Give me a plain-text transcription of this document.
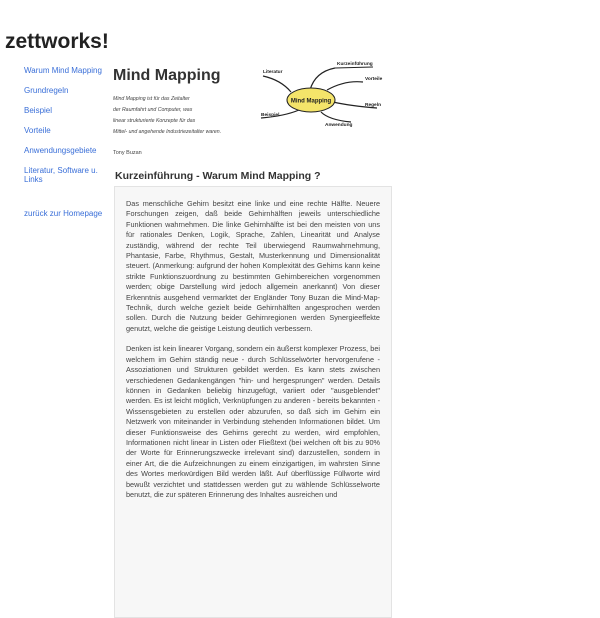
zettworks!
Warum Mind Mapping
Grundregeln
Beispiel
Vorteile
Anwendungsgebiete
Literatur, Software u. Links
zurück zur Homepage
Mind Mapping
Mind Mapping ist für das Zeitalter
der Raumfahrt und Computer, was
linear strukturierte Konzepte für das
Mittel- und angehende Industriezeitalter waren.
Tony Buzan
Mind Mapping
Kurzeinführung
Vorteile
Regeln
Anwendung
Beispiel
Literatur
Kurzeinführung - Warum Mind Mapping ?

Das menschliche Gehirn besitzt eine linke und eine rechte Hälfte. Neuere Forschungen zeigen, daß beide Gehirnhälften jeweils unterschiedliche Funktionen wahrnehmen. Die linke Gehirnhälfte ist bei den meisten von uns für rationales Denken, Logik, Sprache, Zahlen, Linearität und Analyse zuständig, während der rechte Teil überwiegend Raumwahrnehmung, Phantasie, Farbe, Rhythmus, Gestalt, Musterkennung und Dimensionalität steuert. (Anmerkung: aufgrund der hohen Komplexität des Gehirns kann keine strikte Funktionszuordnung zu bestimmten Gehirnbereichen vorgenommen werden; obige Darstellung wird jedoch allgemein anerkannt) Von dieser Erkenntnis ausgehend vermarktet der Engländer Tony Buzan die Mind-Map-Technik, durch welche gezielt beide Gehirnhälften angesprochen werden sollen. Durch die Nutzung beider Gehirnregionen werden Synergieeffekte genutzt, welche die geistige Leistung deutlich verbessern.

Denken ist kein linearer Vorgang, sondern ein äußerst komplexer Prozess, bei welchem im Gehirn ständig neue - durch Schlüsselwörter hervorgerufene - Assoziationen und Strukturen gebildet werden. Es kann stets zwischen verschiedenen Gedankengängen "hin- und hergesprungen" werden. Details können in Gedanken beliebig hinzugefügt, variiert oder "ausgeblendet" werden. Es ist leicht möglich, Verknüpfungen zu anderen - bereits bekannten - Wissensgebieten zu erstellen oder abzurufen, so daß sich im Gehirn ein Netzwerk von miteinander in Verbindung stehenden Informationen bildet. Um dieser Funktionsweise des Gehirns gerecht zu werden, wird empfohlen, Informationen nicht linear in Listen oder Fließtext (bei welchen oft bis zu 90% der Worte für Erinnerungszwecke irrelevant sind) darzustellen, sondern in einer Art, die die Aufzeichnungen zu einem einzigartigen, im wahrsten Sinne des Wortes merkwürdigen Bild werden läßt. Auf überflüssige Füllworte wird bewußt verzichtet und stattdessen werden gut zu wählende Schlüsselworte benutzt, die zur späteren Erinnerung des Inhaltes ausreichen und
